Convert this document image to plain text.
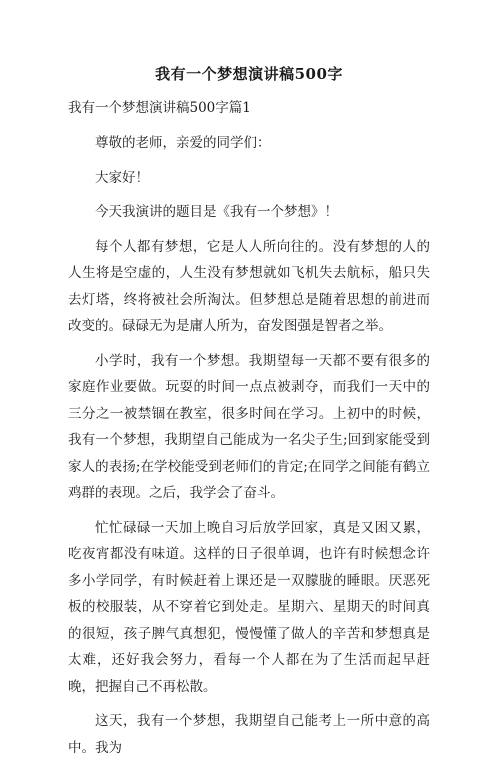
我有一个梦想演讲稿500字
我有一个梦想演讲稿500字篇1

尊敬的老师，亲爱的同学们：

大家好！

今天我演讲的题目是《我有一个梦想》！

每个人都有梦想，它是人人所向往的。没有梦想的人的人生将是空虚的，人生没有梦想就如飞机失去航标，船只失去灯塔，终将被社会所淘汰。但梦想总是随着思想的前进而改变的。碌碌无为是庸人所为，奋发图强是智者之举。

小学时，我有一个梦想。我期望每一天都不要有很多的家庭作业要做。玩耍的时间一点点被剥夺，而我们一天中的三分之一被禁锢在教室，很多时间在学习。上初中的时候，我有一个梦想，我期望自己能成为一名尖子生;回到家能受到家人的表扬;在学校能受到老师们的肯定;在同学之间能有鹤立鸡群的表现。之后，我学会了奋斗。

忙忙碌碌一天加上晚自习后放学回家，真是又困又累，吃夜宵都没有味道。这样的日子很单调，也许有时候想念许多小学同学，有时候赶着上课还是一双朦胧的睡眼。厌恶死板的校服装，从不穿着它到处走。星期六、星期天的时间真的很短，孩子脾气真想犯，慢慢懂了做人的辛苦和梦想真是太难，还好我会努力，看每一个人都在为了生活而起早赶晚，把握自己不再松散。

这天，我有一个梦想，我期望自己能考上一所中意的高中。我为
